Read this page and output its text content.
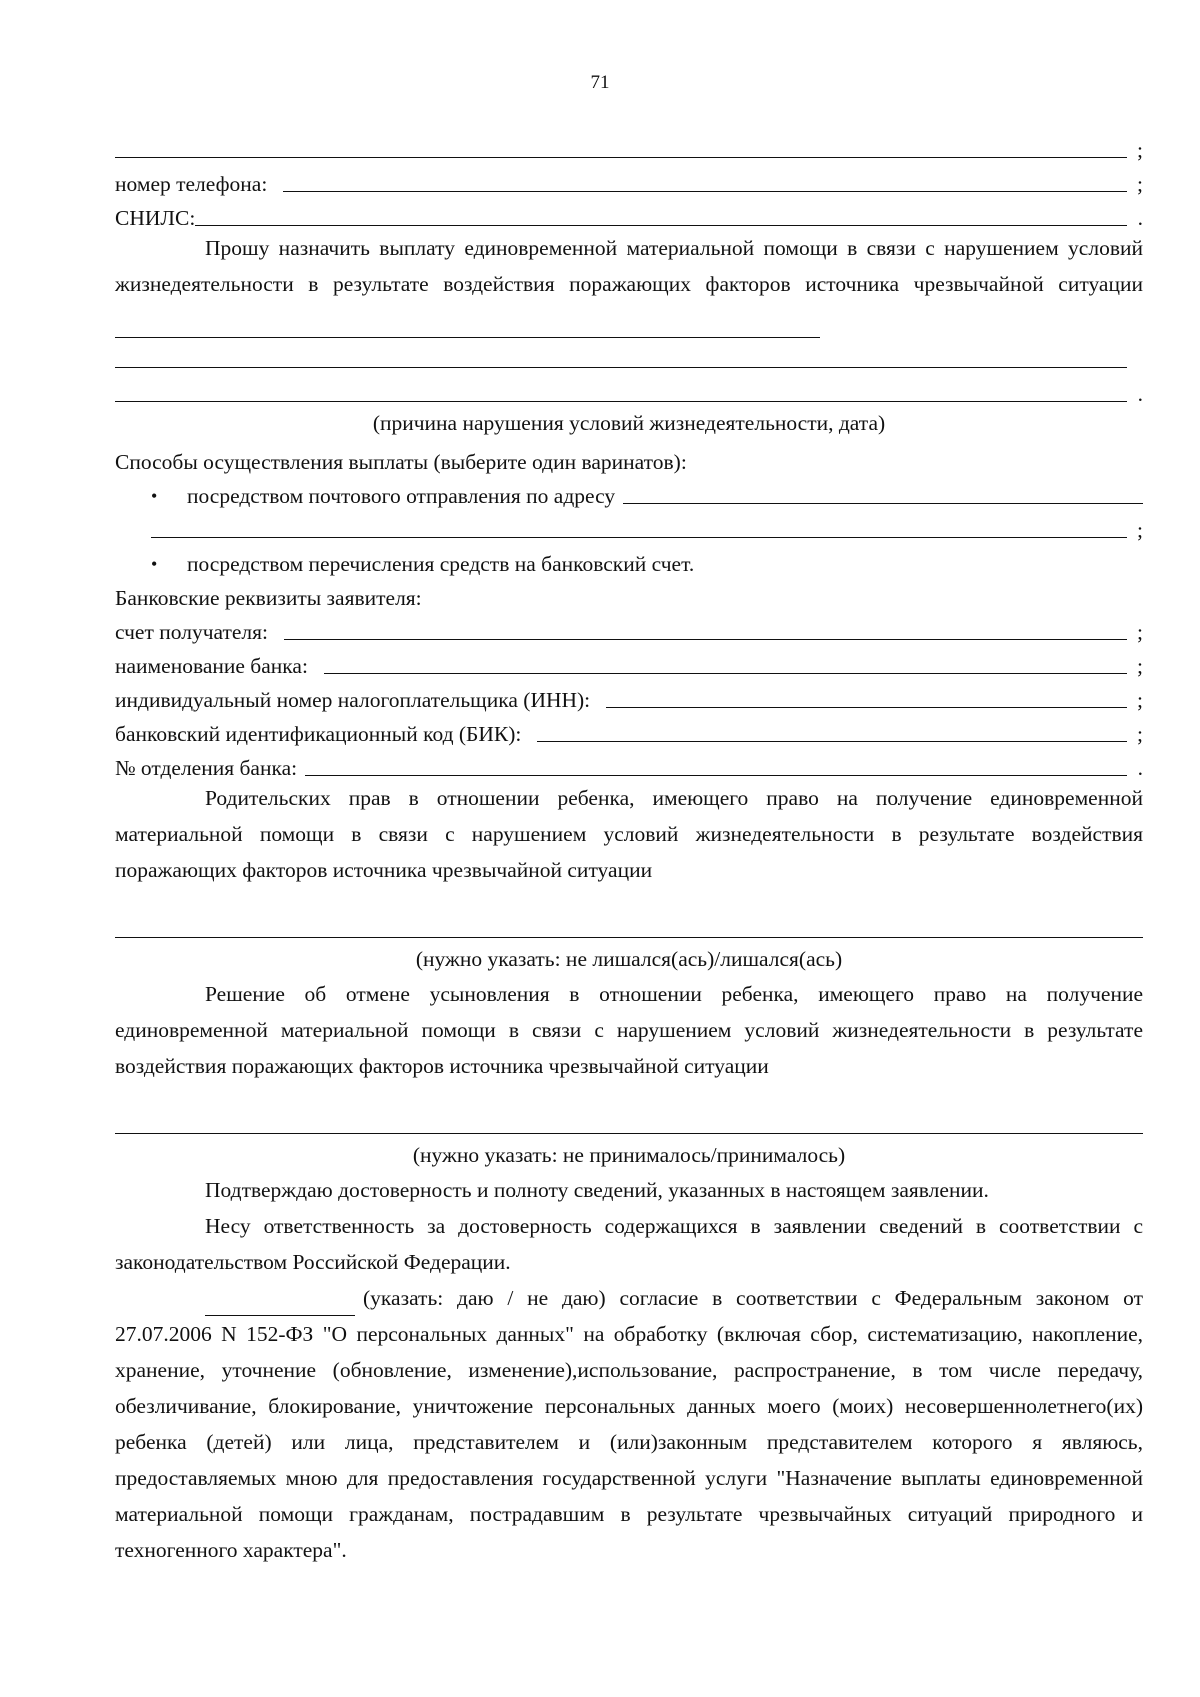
71
;
номер телефона:	;
СНИЛС:	.

Прошу назначить выплату единовременной материальной помощи в связи с нарушением условий жизнедеятельности в результате воздействия поражающих факторов источника чрезвычайной ситуации

.
(причина нарушения условий жизнедеятельности, дата)
Способы осуществления выплаты (выберите один варинатов):
•	посредством почтового отправления по адресу
;
•	посредством перечисления средств на банковский счет.
Банковские реквизиты заявителя:
счет получателя:	;
наименование банка:	;
индивидуальный номер налогоплательщика (ИНН):	;
банковский идентификационный код (БИК):	;
№ отделения банка:	.

Родительских прав в отношении ребенка, имеющего право на получение единовременной материальной помощи в связи с нарушением условий жизнедеятельности в результате воздействия поражающих факторов источника чрезвычайной ситуации

(нужно указать: не лишался(ась)/лишался(ась)

Решение об отмене усыновления в отношении ребенка, имеющего право на получение единовременной материальной помощи в связи с нарушением условий жизнедеятельности в результате воздействия поражающих факторов источника чрезвычайной ситуации

(нужно указать: не принималось/принималось)

Подтверждаю достоверность и полноту сведений, указанных в настоящем заявлении.

Несу ответственность за достоверность содержащихся в заявлении сведений в соответствии с законодательством Российской Федерации.

(указать: даю / не даю) согласие в соответствии с Федеральным законом от 27.07.2006 N 152-ФЗ "О персональных данных" на обработку (включая сбор, систематизацию, накопление, хранение, уточнение (обновление, изменение),использование, распространение, в том числе передачу, обезличивание, блокирование, уничтожение персональных данных моего (моих) несовершеннолетнего(их) ребенка (детей) или лица, представителем и (или)законным представителем которого я являюсь, предоставляемых мною для предоставления государственной услуги "Назначение выплаты единовременной материальной помощи гражданам, пострадавшим в результате чрезвычайных ситуаций природного и техногенного характера".
